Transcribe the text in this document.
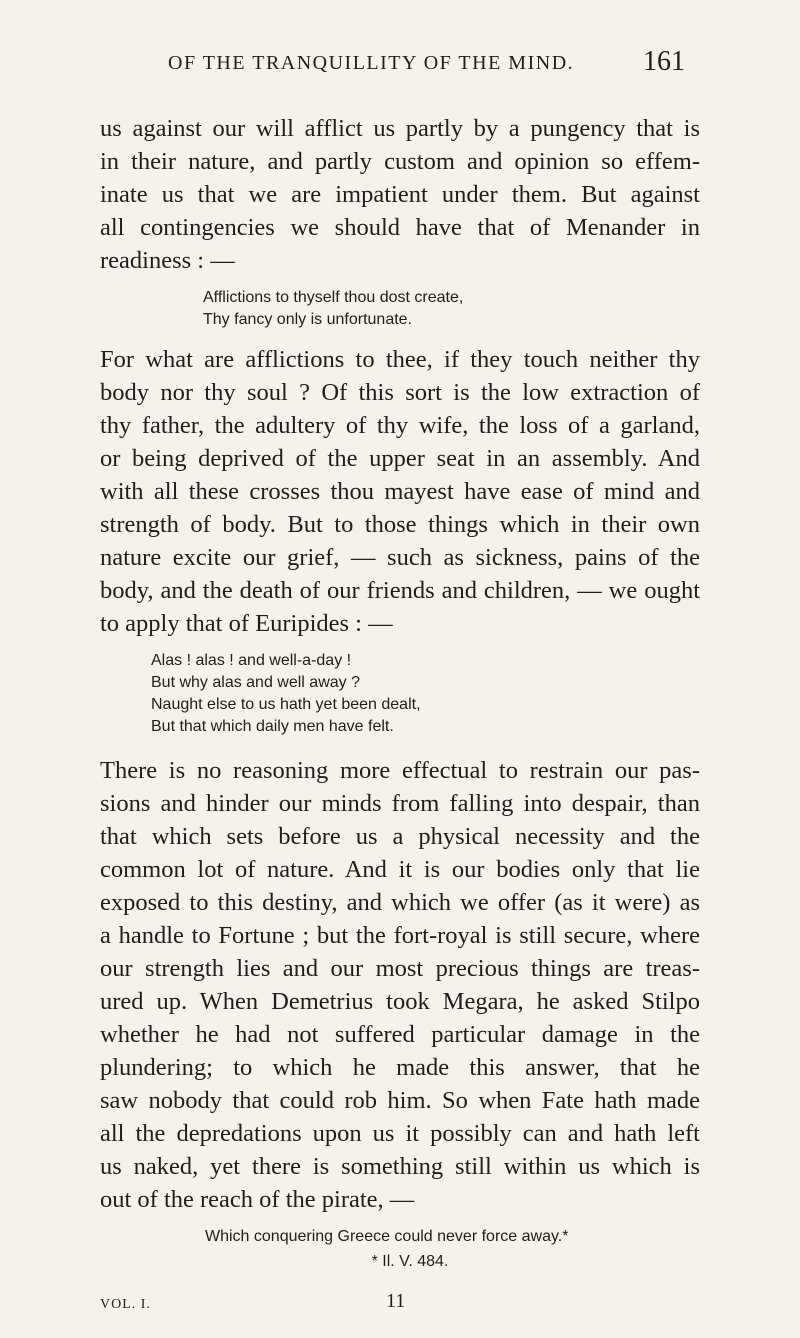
OF THE TRANQUILLITY OF THE MIND. 161
us against our will afflict us partly by a pungency that is
in their nature, and partly custom and opinion so effem-
inate us that we are impatient under them. But against
all contingencies we should have that of Menander in
readiness : —
Afflictions to thyself thou dost create,
Thy fancy only is unfortunate.
For what are afflictions to thee, if they touch neither thy
body nor thy soul ? Of this sort is the low extraction of
thy father, the adultery of thy wife, the loss of a garland,
or being deprived of the upper seat in an assembly. And
with all these crosses thou mayest have ease of mind and
strength of body. But to those things which in their own
nature excite our grief, — such as sickness, pains of the
body, and the death of our friends and children, — we ought
to apply that of Euripides : —
Alas ! alas ! and well-a-day !
But why alas and well away ?
Naught else to us hath yet been dealt,
But that which daily men have felt.
There is no reasoning more effectual to restrain our pas-
sions and hinder our minds from falling into despair, than
that which sets before us a physical necessity and the
common lot of nature. And it is our bodies only that lie
exposed to this destiny, and which we offer (as it were) as
a handle to Fortune ; but the fort-royal is still secure, where
our strength lies and our most precious things are treas-
ured up. When Demetrius took Megara, he asked Stilpo
whether he had not suffered particular damage in the
plundering; to which he made this answer, that he
saw nobody that could rob him. So when Fate hath made
all the depredations upon us it possibly can and hath left
us naked, yet there is something still within us which is
out of the reach of the pirate, —
Which conquering Greece could never force away.*
* Il. V. 484.
VOL. I.	11
